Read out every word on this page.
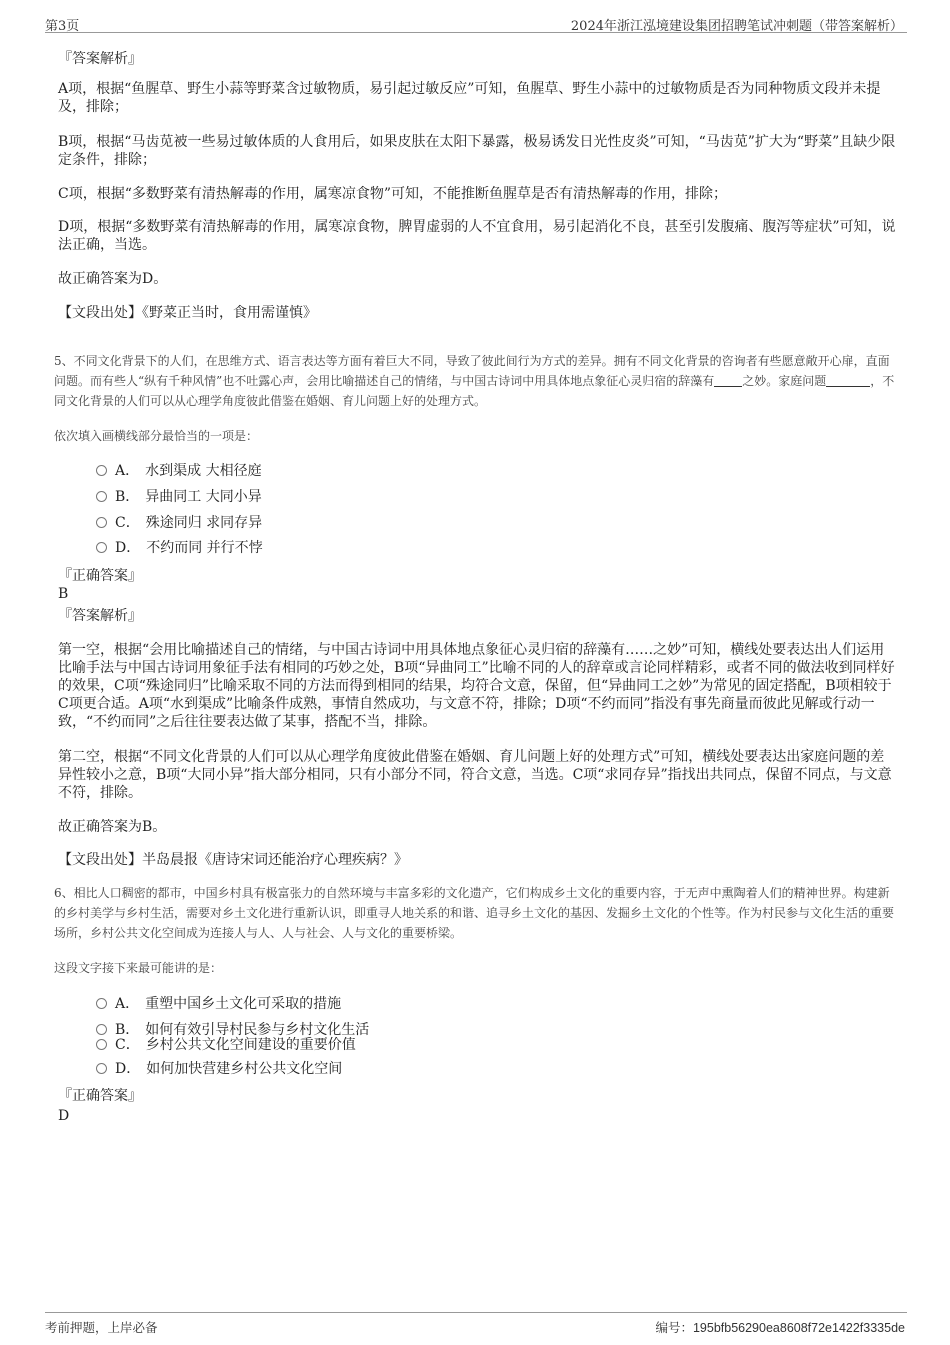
第3页	2024年浙江泓境建设集团招聘笔试冲刺题（带答案解析）
『答案解析』
A项，根据“鱼腥草、野生小蒜等野菜含过敏物质，易引起过敏反应”可知，鱼腥草、野生小蒜中的过敏物质是否为同种物质文段并未提及，排除；
B项，根据“马齿苋被一些易过敏体质的人食用后，如果皮肤在太阳下暴露，极易诱发日光性皮炎”可知，“马齿苋”扩大为“野菜”且缺少限定条件，排除；
C项，根据“多数野菜有清热解毒的作用，属寒凉食物”可知，不能推断鱼腥草是否有清热解毒的作用，排除；
D项，根据“多数野菜有清热解毒的作用，属寒凉食物，脾胃虚弱的人不宜食用，易引起消化不良，甚至引发腹痛、腹泻等症状”可知，说法正确，当选。
故正确答案为D。
【文段出处】《野菜正当时，食用需谨慎》
5、不同文化背景下的人们，在思维方式、语言表达等方面有着巨大不同，导致了彼此间行为方式的差异。拥有不同文化背景的咨询者有些愿意敞开心扉，直面问题。而有些人“纵有千种风情”也不吐露心声，会用比喻描述自己的情绪，与中国古诗词中用具体地点象征心灵归宿的辞藻有 之妙。家庭问题	，不同文化背景的人们可以从心理学角度彼此借鉴在婚姻、育儿问题上好的处理方式。
依次填入画横线部分最恰当的一项是：
A． 水到渠成 大相径庭
B． 异曲同工 大同小异
C． 殊途同归 求同存异
D． 不约而同 并行不悖
『正确答案』
B
『答案解析』
第一空，根据“会用比喻描述自己的情绪，与中国古诗词中用具体地点象征心灵归宿的辞藻有……之妙”可知，横线处要表达出人们运用比喻手法与中国古诗词用象征手法有相同的巧妙之处，B项“异曲同工”比喻不同的人的辞章或言论同样精彩，或者不同的做法收到同样好的效果，C项“殊途同归”比喻采取不同的方法而得到相同的结果，均符合文意，保留，但“异曲同工之妙”为常见的固定搭配，B项相较于C项更合适。A项“水到渠成”比喻条件成熟，事情自然成功，与文意不符，排除；D项“不约而同”指没有事先商量而彼此见解或行动一致，“不约而同”之后往往要表达做了某事，搭配不当，排除。
第二空，根据“不同文化背景的人们可以从心理学角度彼此借鉴在婚姻、育儿问题上好的处理方式”可知，横线处要表达出家庭问题的差异性较小之意，B项“大同小异”指大部分相同，只有小部分不同，符合文意，当选。C项“求同存异”指找出共同点，保留不同点，与文意不符，排除。
故正确答案为B。
【文段出处】半岛晨报《唐诗宋词还能治疗心理疾病？》
6、相比人口稠密的都市，中国乡村具有极富张力的自然环境与丰富多彩的文化遗产，它们构成乡土文化的重要内容，于无声中熏陶着人们的精神世界。构建新的乡村美学与乡村生活，需要对乡土文化进行重新认识，即重寻人地关系的和谐、追寻乡土文化的基因、发掘乡土文化的个性等。作为村民参与文化生活的重要场所，乡村公共文化空间成为连接人与人、人与社会、人与文化的重要桥梁。
这段文字接下来最可能讲的是：
A． 重塑中国乡土文化可采取的措施
B． 如何有效引导村民参与乡村文化生活
C． 乡村公共文化空间建设的重要价值
D． 如何加快营建乡村公共文化空间
『正确答案』
D
考前押题，上岸必备	编号：195bfb56290ea8608f72e1422f3335de
